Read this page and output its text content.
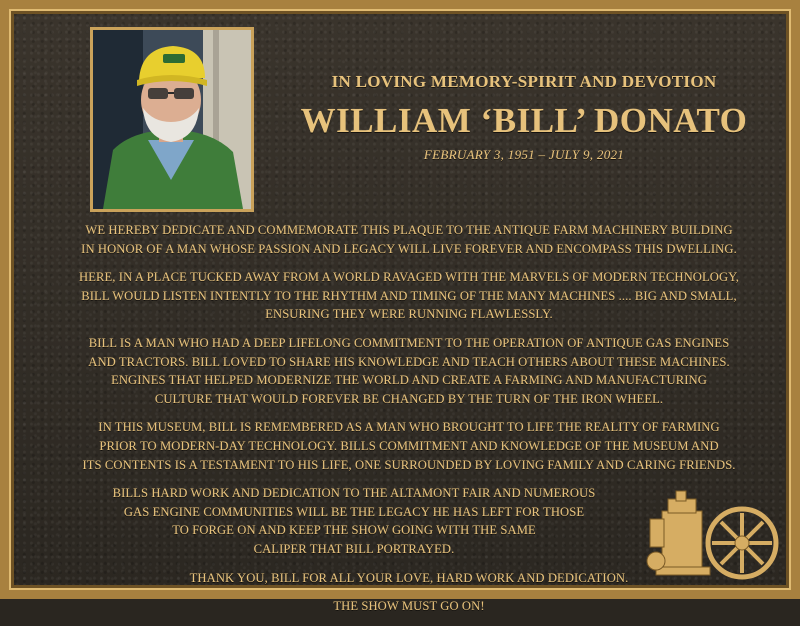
IN LOVING MEMORY-SPIRIT AND DEVOTION
WILLIAM ‘BILL’ DONATO

FEBRUARY 3, 1951 – JULY 9, 2021

WE HEREBY DEDICATE AND COMMEMORATE THIS PLAQUE TO THE ANTIQUE FARM MACHINERY BUILDING
IN HONOR OF A MAN WHOSE PASSION AND LEGACY WILL LIVE FOREVER AND ENCOMPASS THIS DWELLING.

HERE, IN A PLACE TUCKED AWAY FROM A WORLD RAVAGED WITH THE MARVELS OF MODERN TECHNOLOGY,
BILL WOULD LISTEN INTENTLY TO THE RHYTHM AND TIMING OF THE MANY MACHINES .... BIG AND SMALL,
ENSURING THEY WERE RUNNING FLAWLESSLY.

BILL IS A MAN WHO HAD A DEEP LIFELONG COMMITMENT TO THE OPERATION OF ANTIQUE GAS ENGINES
AND TRACTORS. BILL LOVED TO SHARE HIS KNOWLEDGE AND TEACH OTHERS ABOUT THESE MACHINES.
ENGINES THAT HELPED MODERNIZE THE WORLD AND CREATE A FARMING AND MANUFACTURING
CULTURE THAT WOULD FOREVER BE CHANGED BY THE TURN OF THE IRON WHEEL.

IN THIS MUSEUM, BILL IS REMEMBERED AS A MAN WHO BROUGHT TO LIFE THE REALITY OF FARMING
PRIOR TO MODERN-DAY TECHNOLOGY. BILLS COMMITMENT AND KNOWLEDGE OF THE MUSEUM AND
ITS CONTENTS IS A TESTAMENT TO HIS LIFE, ONE SURROUNDED BY LOVING FAMILY AND CARING FRIENDS.

BILLS HARD WORK AND DEDICATION TO THE ALTAMONT FAIR AND NUMEROUS
GAS ENGINE COMMUNITIES WILL BE THE LEGACY HE HAS LEFT FOR THOSE
TO FORGE ON AND KEEP THE SHOW GOING WITH THE SAME
CALIPER THAT BILL PORTRAYED.

THANK YOU, BILL FOR ALL YOUR LOVE, HARD WORK AND DEDICATION.

THE SHOW MUST GO ON!
